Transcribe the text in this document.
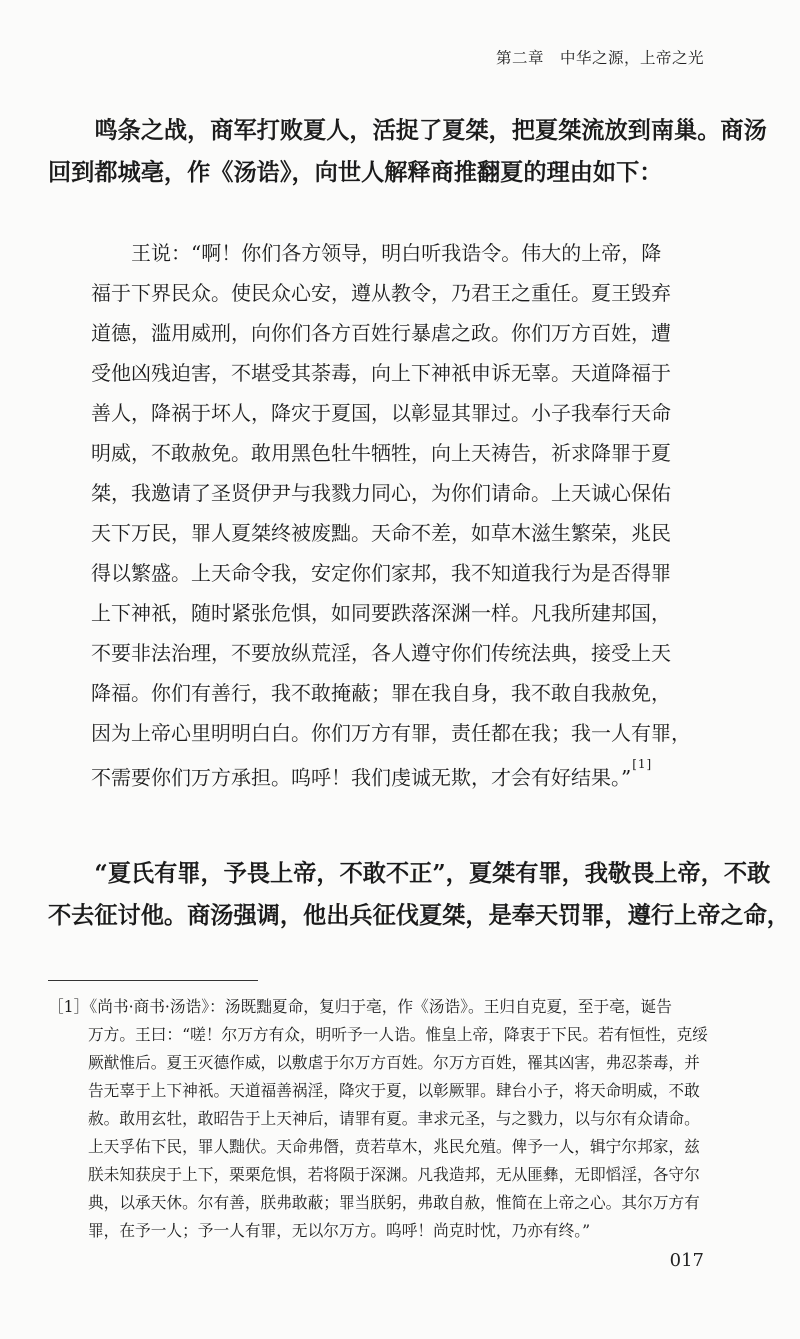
第二章　中华之源，上帝之光
　　鸣条之战，商军打败夏人，活捉了夏桀，把夏桀流放到南巢。商汤
回到都城亳，作《汤诰》，向世人解释商推翻夏的理由如下：
　　王说：“啊！你们各方领导，明白听我诰令。伟大的上帝，降
福于下界民众。使民众心安，遵从教令，乃君王之重任。夏王毁弃
道德，滥用威刑，向你们各方百姓行暴虐之政。你们万方百姓，遭
受他凶残迫害，不堪受其荼毒，向上下神祇申诉无辜。天道降福于
善人，降祸于坏人，降灾于夏国，以彰显其罪过。小子我奉行天命
明威，不敢赦免。敢用黑色牡牛牺牲，向上天祷告，祈求降罪于夏
桀，我邀请了圣贤伊尹与我戮力同心，为你们请命。上天诚心保佑
天下万民，罪人夏桀终被废黜。天命不差，如草木滋生繁荣，兆民
得以繁盛。上天命令我，安定你们家邦，我不知道我行为是否得罪
上下神祇，随时紧张危惧，如同要跌落深渊一样。凡我所建邦国，
不要非法治理，不要放纵荒淫，各人遵守你们传统法典，接受上天
降福。你们有善行，我不敢掩蔽；罪在我自身，我不敢自我赦免，
因为上帝心里明明白白。你们万方有罪，责任都在我；我一人有罪，
不需要你们万方承担。呜呼！我们虔诚无欺，才会有好结果。”[1]
　　“夏氏有罪，予畏上帝，不敢不正”，夏桀有罪，我敬畏上帝，不敢
不去征讨他。商汤强调，他出兵征伐夏桀，是奉天罚罪，遵行上帝之命，
［1］《尚书·商书·汤诰》：汤既黜夏命，复归于亳，作《汤诰》。王归自克夏，至于亳，诞告
万方。王曰：“嗟！尔万方有众，明听予一人诰。惟皇上帝，降衷于下民。若有恒性，克绥
厥猷惟后。夏王灭德作威，以敷虐于尔万方百姓。尔万方百姓，罹其凶害，弗忍荼毒，并
告无辜于上下神祇。天道福善祸淫，降灾于夏，以彰厥罪。肆台小子，将天命明威，不敢
赦。敢用玄牡，敢昭告于上天神后，请罪有夏。聿求元圣，与之戮力，以与尔有众请命。
上天孚佑下民，罪人黜伏。天命弗僭，贲若草木，兆民允殖。俾予一人，辑宁尔邦家，兹
朕未知获戾于上下，栗栗危惧，若将陨于深渊。凡我造邦，无从匪彝，无即慆淫，各守尔
典，以承天休。尔有善，朕弗敢蔽；罪当朕躬，弗敢自赦，惟简在上帝之心。其尔万方有
罪，在予一人；予一人有罪，无以尔万方。呜呼！尚克时忱，乃亦有终。”
017
